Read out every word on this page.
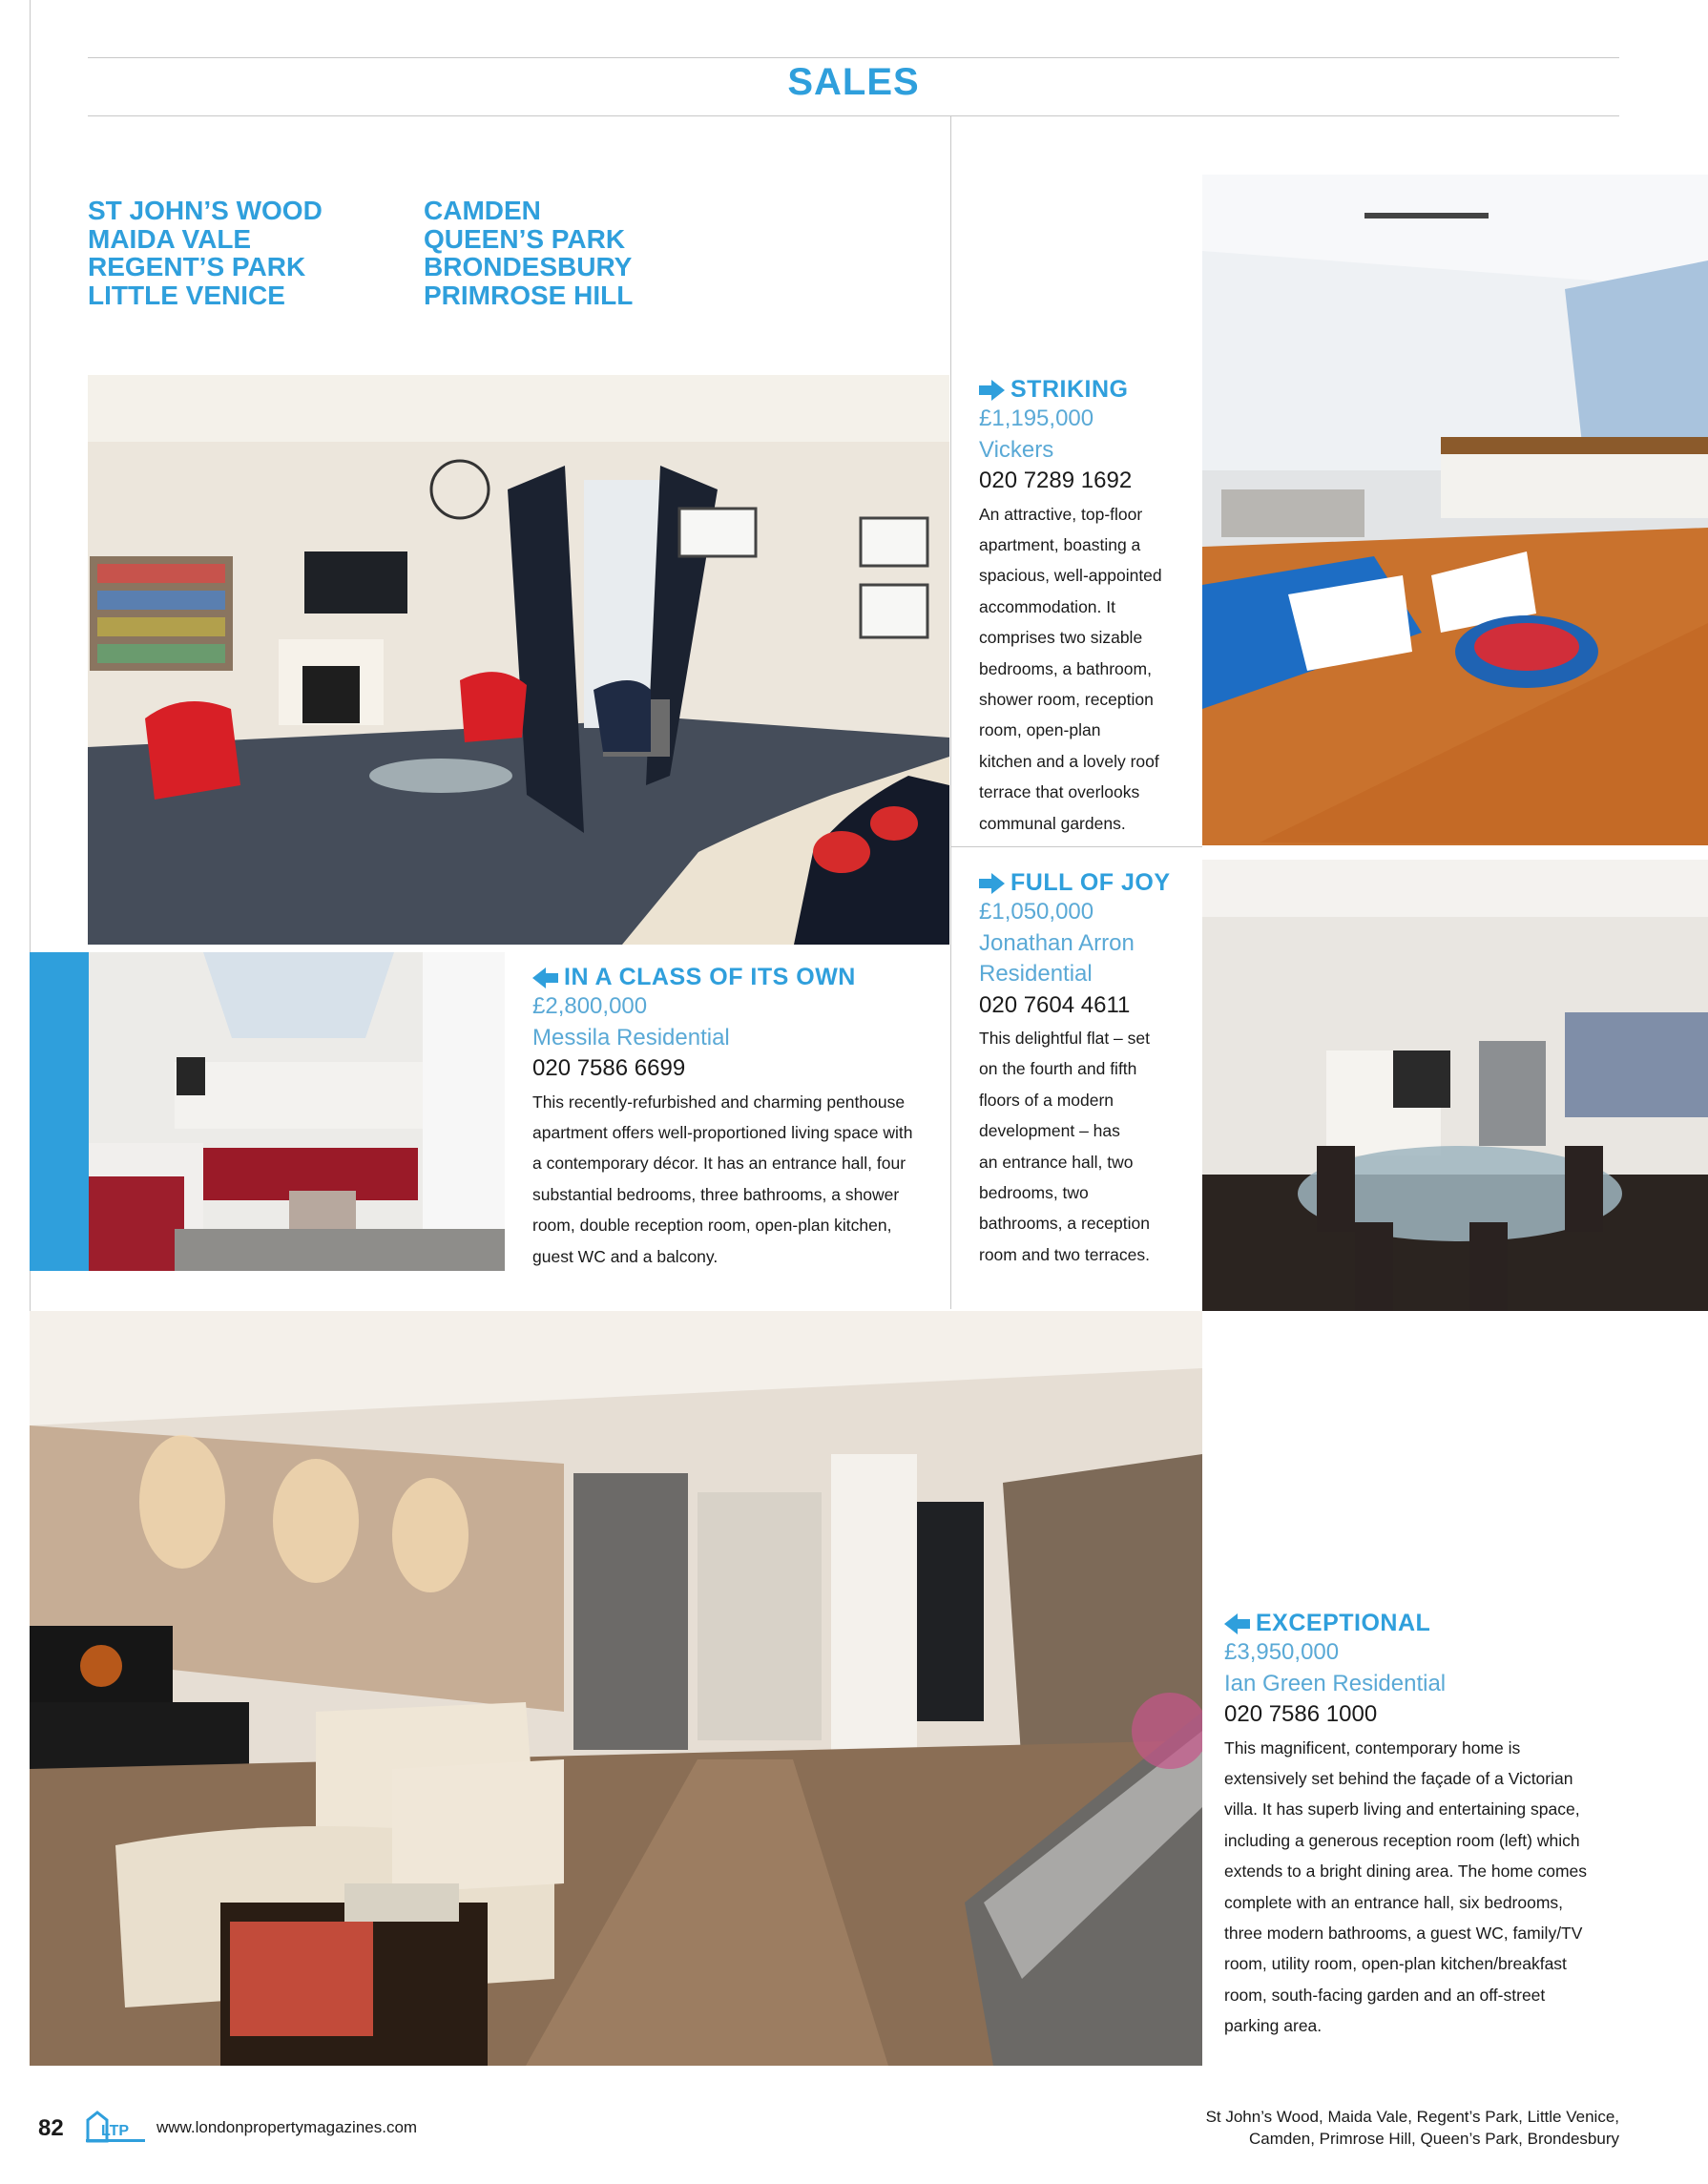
SALES
ST JOHN’S WOOD
MAIDA VALE
REGENT’S PARK
LITTLE VENICE
CAMDEN
QUEEN’S PARK
BRONDESBURY
PRIMROSE HILL
STRIKING
£1,195,000
Vickers
020 7289 1692
An attractive, top-floor
apartment, boasting a
spacious, well-appointed
accommodation. It
comprises two sizable
bedrooms, a bathroom,
shower room, reception
room, open-plan
kitchen and a lovely roof
terrace that overlooks
communal gardens.
FULL OF JOY
£1,050,000
Jonathan Arron
Residential
020 7604 4611
This delightful flat – set
on the fourth and fifth
floors of a modern
development – has
an entrance hall, two
bedrooms, two
bathrooms, a reception
room and two terraces.
IN A CLASS OF ITS OWN
£2,800,000
Messila Residential
020 7586 6699
This recently-refurbished and charming penthouse
apartment offers well-proportioned living space with
a contemporary décor. It has an entrance hall, four
substantial bedrooms, three bathrooms, a shower
room, double reception room, open-plan kitchen,
guest WC and a balcony.
EXCEPTIONAL
£3,950,000
Ian Green Residential
020 7586 1000
This magnificent, contemporary home is
extensively set behind the façade of a Victorian
villa. It has superb living and entertaining space,
including a generous reception room (left) which
extends to a bright dining area. The home comes
complete with an entrance hall, six bedrooms,
three modern bathrooms, a guest WC, family/TV
room, utility room, open-plan kitchen/breakfast
room, south-facing garden and an off-street
parking area.
82 LTP www.londonpropertymagazines.com
St John’s Wood, Maida Vale, Regent’s Park, Little Venice,
Camden, Primrose Hill, Queen’s Park, Brondesbury
